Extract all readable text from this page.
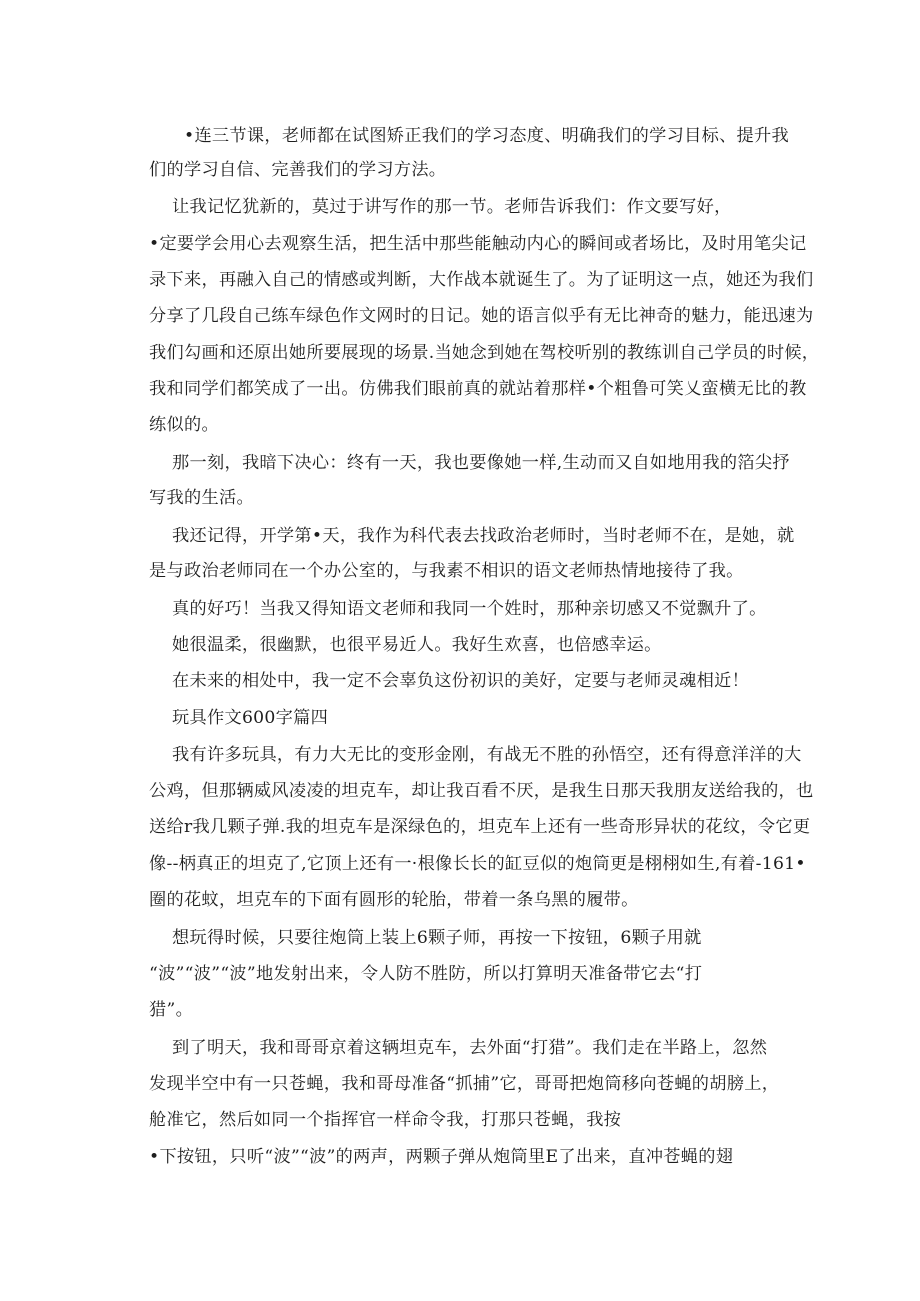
•连三节课，老师都在试图矫正我们的学习态度、明确我们的学习目标、提升我
们的学习自信、完善我们的学习方法。
让我记忆犹新的，莫过于讲写作的那一节。老师告诉我们：作文要写好，
•定要学会用心去观察生活，把生活中那些能触动内心的瞬间或者场比，及时用笔尖记
录下来，再融入自己的情感或判断，大作战本就诞生了。为了证明这一点，她还为我们
分享了几段自己练车绿色作文网时的日记。她的语言似乎有无比神奇的魅力，能迅速为
我们勾画和还原出她所要展现的场景.当她念到她在驾校听别的教练训自己学员的时候，
我和同学们都笑成了一出。仿佛我们眼前真的就站着那样•个粗鲁可笑乂蛮横无比的教
练似的。
那一刻，我暗下决心：终有一天，我也要像她一样,生动而又自如地用我的箔尖抒
写我的生活。
我还记得，开学第•天，我作为科代表去找政治老师时，当时老师不在，是她，就
是与政治老师同在一个办公室的，与我素不相识的语文老师热情地接待了我。
真的好巧！当我又得知语文老师和我同一个姓时，那种亲切感又不觉飘升了。
她很温柔，很幽默，也很平易近人。我好生欢喜，也倍感幸运。
在未来的相处中，我一定不会辜负这份初识的美好，定要与老师灵魂相近！
玩具作文600字篇四
我有许多玩具，有力大无比的变形金刚，有战无不胜的孙悟空，还有得意洋洋的大
公鸡，但那辆威风凌凌的坦克车，却让我百看不厌，是我生日那天我朋友送给我的，也
送给r我几颗子弹.我的坦克车是深绿色的，坦克车上还有一些奇形异状的花纹，令它更
像--柄真正的坦克了,它顶上还有一·根像长长的缸豆似的炮筒更是栩栩如生,有着-161•
圈的花蚊，坦克车的下面有圆形的轮胎，带着一条乌黑的履带。
想玩得时候，只要往炮筒上装上6颗子师，再按一下按钮，6颗子用就
“波”“波”“波”地发射出来，令人防不胜防，所以打算明天准备带它去“打
猎”。
到了明天，我和哥哥京着这辆坦克车，去外面“打猎”。我们走在半路上，忽然
发现半空中有一只苍蝇，我和哥母准备“抓捕”它，哥哥把炮筒移向苍蝇的胡膀上，
舱准它，然后如同一个指挥官一样命令我，打那只苍蝇，我按
•下按钮，只听“波”“波”的两声，两颗子弹从炮筒里E了出来，直冲苍蝇的翅
